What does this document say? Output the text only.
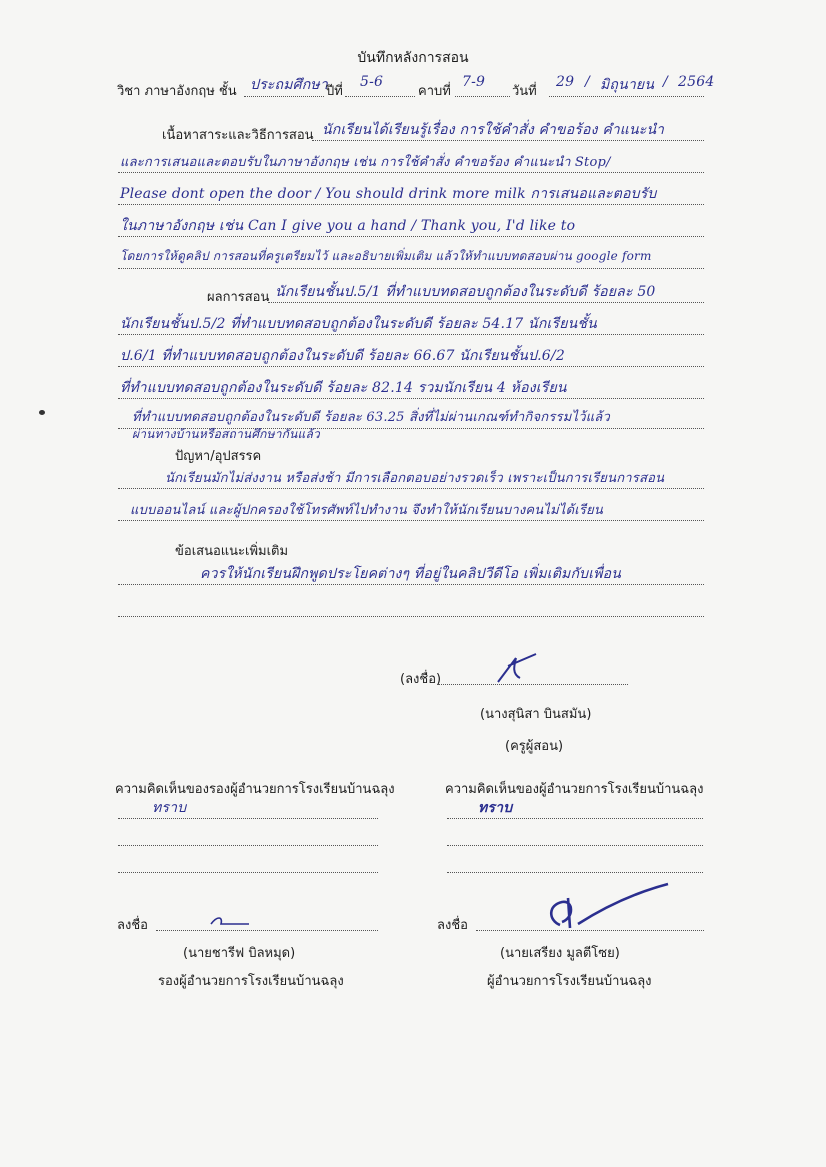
บันทึกหลังการสอน
วิชา ภาษาอังกฤษ ชั้น ประถมศึกษา
ปีที่
5-6
คาบที่
7-9
วันที่
29 / มิถุนายน / 2564
เนื้อหาสาระและวิธีการสอน นักเรียนได้เรียนรู้เรื่อง การใช้คำสั่ง คำขอร้อง คำแนะนำ
และการเสนอและตอบรับในภาษาอังกฤษ เช่น การใช้คำสั่ง คำขอร้อง คำแนะนำ Stop/
Please dont open the door / You should drink more milk การเสนอและตอบรับ
ในภาษาอังกฤษ เช่น Can I give you a hand / Thank you, I'd like to
โดยการให้ดูคลิป การสอนที่ครูเตรียมไว้ และอธิบายเพิ่มเติม แล้วให้ทำแบบทดสอบผ่าน google form
ผลการสอน นักเรียนชั้นป.5/1 ที่ทำแบบทดสอบถูกต้องในระดับดี ร้อยละ 50
นักเรียนชั้นป.5/2 ที่ทำแบบทดสอบถูกต้องในระดับดี ร้อยละ 54.17 นักเรียนชั้น
ป.6/1 ที่ทำแบบทดสอบถูกต้องในระดับดี ร้อยละ 66.67 นักเรียนชั้นป.6/2
ที่ทำแบบทดสอบถูกต้องในระดับดี ร้อยละ 82.14 รวมนักเรียน 4 ห้องเรียน
ที่ทำแบบทดสอบถูกต้องในระดับดี ร้อยละ 63.25 สิ่งที่ไม่ผ่านเกณฑ์ทำกิจกรรมไว้แล้ว
ผ่านทางบ้านหรือสถานศึกษากันแล้ว
ปัญหา/อุปสรรค
นักเรียนมักไม่ส่งงาน หรือส่งช้า มีการเลือกตอบอย่างรวดเร็ว เพราะเป็นการเรียนการสอน
แบบออนไลน์ และผู้ปกครองใช้โทรศัพท์ไปทำงาน จึงทำให้นักเรียนบางคนไม่ได้เรียน
ข้อเสนอแนะเพิ่มเติม
ควรให้นักเรียนฝึกพูดประโยคต่างๆ ที่อยู่ในคลิปวีดีโอ เพิ่มเติมกับเพื่อน
(ลงชื่อ)
(นางสุนิสา บินสมัน)
(ครูผู้สอน)
ความคิดเห็นของรองผู้อำนวยการโรงเรียนบ้านฉลุง
ทราบ
ลงชื่อ
(นายชารีฟ บิลหมุด)
รองผู้อำนวยการโรงเรียนบ้านฉลุง
ความคิดเห็นของผู้อำนวยการโรงเรียนบ้านฉลุง
ทราบ
ลงชื่อ
(นายเสรียง มูลตีโซย)
ผู้อำนวยการโรงเรียนบ้านฉลุง
